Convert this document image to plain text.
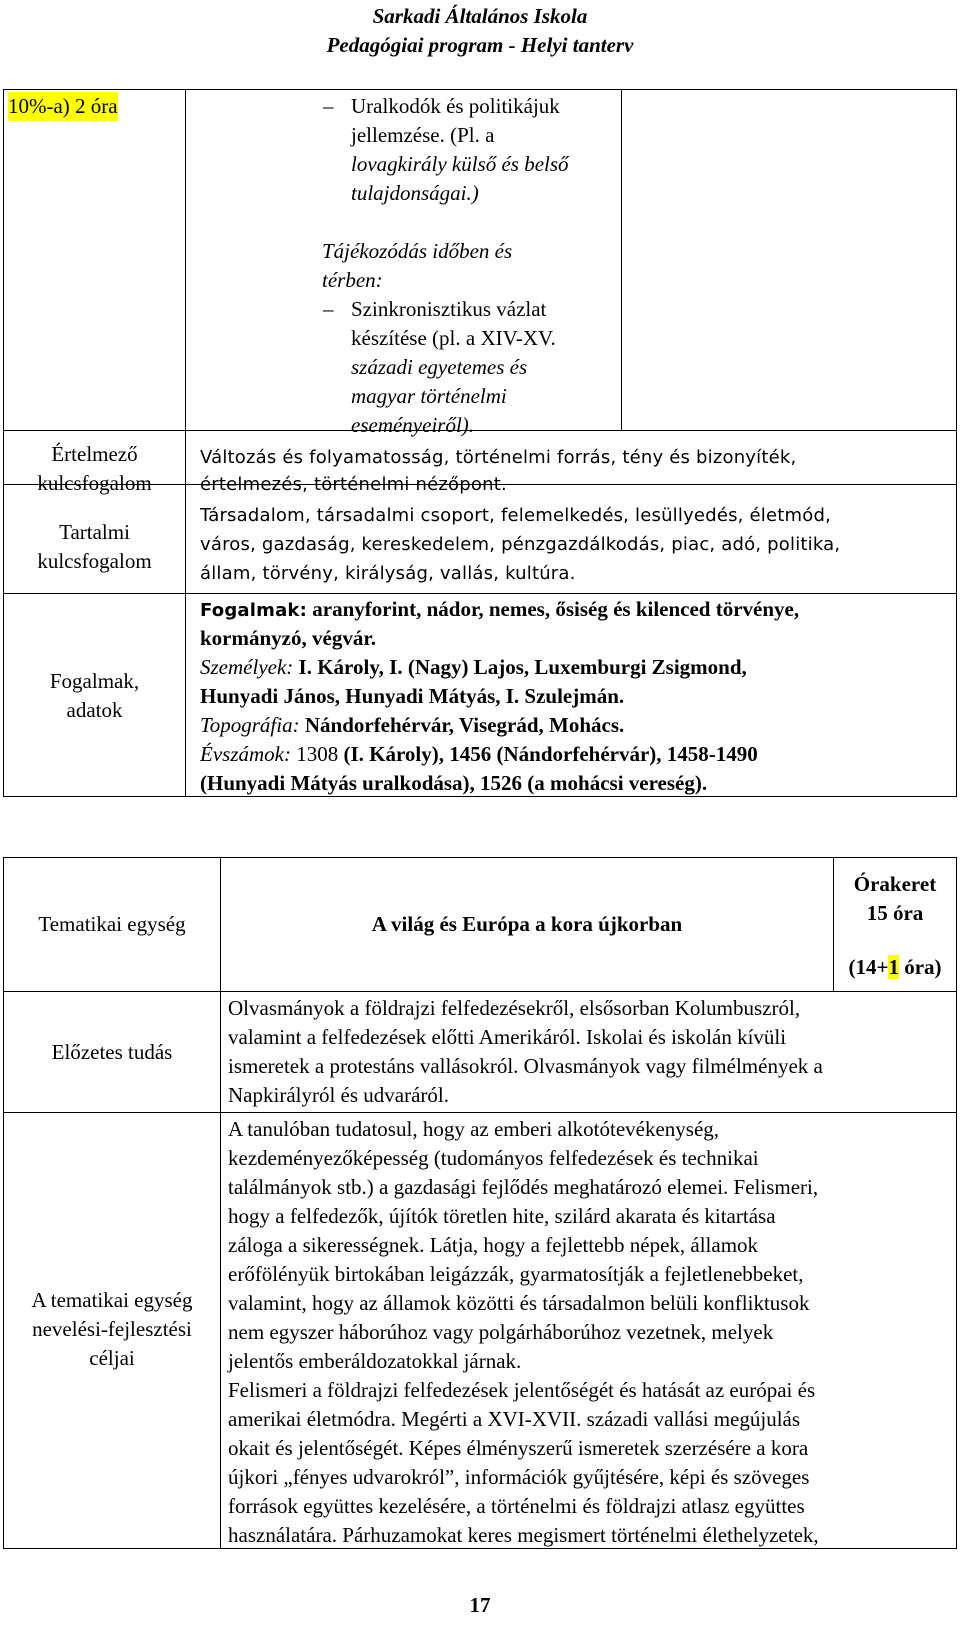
Sarkadi Általános Iskola
Pedagógiai program - Helyi tanterv
10%-a) 2 óra	– Uralkodók és politikájuk
jellemzése. (Pl. a
lovagkirály külső és belső
tulajdonságai.)
Tájékozódás időben és
térben:
– Szinkronisztikus vázlat
készítése (pl. a XIV-XV.
századi egyetemes és
magyar történelmi
eseményeiről).
Értelmező
kulcsfogalom
Változás és folyamatosság, történelmi forrás, tény és bizonyíték,
értelmezés, történelmi nézőpont.
Tartalmi
kulcsfogalom
Társadalom, társadalmi csoport, felemelkedés, lesüllyedés, életmód,
város, gazdaság, kereskedelem, pénzgazdálkodás, piac, adó, politika,
állam, törvény, királyság, vallás, kultúra.
Fogalmak,
adatok
Fogalmak: aranyforint, nádor, nemes, ősiség és kilenced törvénye,
kormányzó, végvár.
Személyek: I. Károly, I. (Nagy) Lajos, Luxemburgi Zsigmond,
Hunyadi János, Hunyadi Mátyás, I. Szulejmán.
Topográfia: Nándorfehérvár, Visegrád, Mohács.
Évszámok: 1308 (I. Károly), 1456 (Nándorfehérvár), 1458-1490
(Hunyadi Mátyás uralkodása), 1526 (a mohácsi vereség).
Tematikai egység	A világ és Európa a kora újkorban
Órakeret
15 óra
(14+1 óra)
Előzetes tudás
Olvasmányok a földrajzi felfedezésekről, elsősorban Kolumbuszról,
valamint a felfedezések előtti Amerikáról. Iskolai és iskolán kívüli
ismeretek a protestáns vallásokról. Olvasmányok vagy filmélmények a
Napkirályról és udvaráról.
A tematikai egység
nevelési-fejlesztési
céljai
A tanulóban tudatosul, hogy az emberi alkotótevékenység,
kezdeményezőképesség (tudományos felfedezések és technikai
találmányok stb.) a gazdasági fejlődés meghatározó elemei. Felismeri,
hogy a felfedezők, újítók töretlen hite, szilárd akarata és kitartása
záloga a sikerességnek. Látja, hogy a fejlettebb népek, államok
erőfölényük birtokában leigázzák, gyarmatosítják a fejletlenebbeket,
valamint, hogy az államok közötti és társadalmon belüli konfliktusok
nem egyszer háborúhoz vagy polgárháborúhoz vezetnek, melyek
jelentős emberáldozatokkal járnak.
Felismeri a földrajzi felfedezések jelentőségét és hatását az európai és
amerikai életmódra. Megérti a XVI-XVII. századi vallási megújulás
okait és jelentőségét. Képes élményszerű ismeretek szerzésére a kora
újkori „fényes udvarokról”, információk gyűjtésére, képi és szöveges
források együttes kezelésére, a történelmi és földrajzi atlasz együttes
használatára. Párhuzamokat keres megismert történelmi élethelyzetek,
17
